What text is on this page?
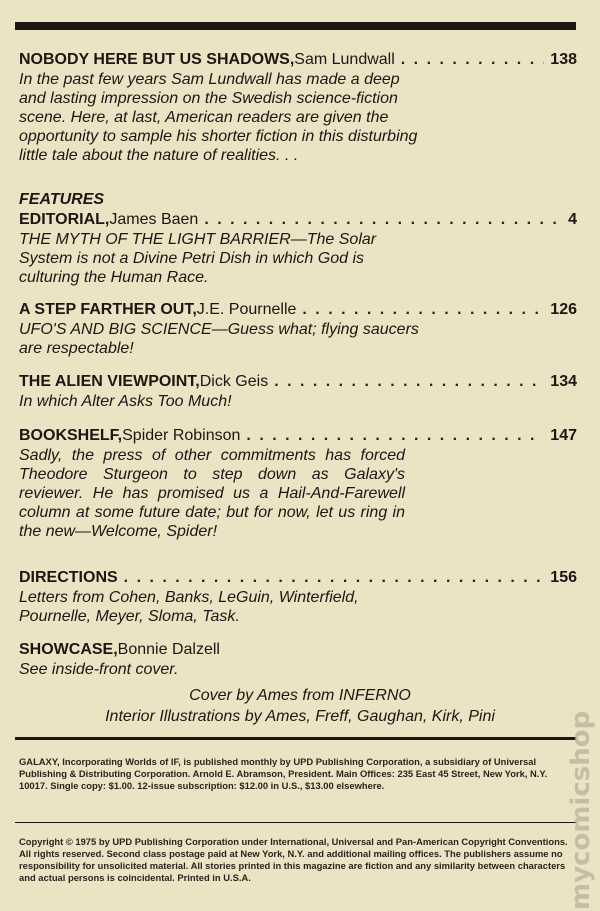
NOBODY HERE BUT US SHADOWS, Sam Lundwall . . .	138
In the past few years Sam Lundwall has made a deep and lasting impression on the Swedish science-fiction scene. Here, at last, American readers are given the opportunity to sample his shorter fiction in this disturbing little tale about the nature of realities. . .
FEATURES
EDITORIAL, James Baen . . .	4
THE MYTH OF THE LIGHT BARRIER—The Solar System is not a Divine Petri Dish in which God is culturing the Human Race.
A STEP FARTHER OUT, J.E. Pournelle . . .	126
UFO'S AND BIG SCIENCE—Guess what; flying saucers are respectable!
THE ALIEN VIEWPOINT, Dick Geis . . .	134
In which Alter Asks Too Much!
BOOKSHELF, Spider Robinson . . .	147
Sadly, the press of other commitments has forced Theodore Sturgeon to step down as Galaxy's reviewer. He has promised us a Hail-And-Farewell column at some future date; but for now, let us ring in the new—Welcome, Spider!
DIRECTIONS . . .	156
Letters from Cohen, Banks, LeGuin, Winterfield, Pournelle, Meyer, Sloma, Task.
SHOWCASE, Bonnie Dalzell
See inside-front cover.
Cover by Ames from INFERNO
Interior Illustrations by Ames, Freff, Gaughan, Kirk, Pini
GALAXY, Incorporating Worlds of IF, is published monthly by UPD Publishing Corporation, a subsidiary of Universal Publishing & Distributing Corporation. Arnold E. Abramson, President. Main Offices: 235 East 45 Street, New York, N.Y. 10017. Single copy: $1.00. 12-issue subscription: $12.00 in U.S., $13.00 elsewhere.
Copyright © 1975 by UPD Publishing Corporation under International, Universal and Pan-American Copyright Conventions. All rights reserved. Second class postage paid at New York, N.Y. and additional mailing offices. The publishers assume no responsibility for unsolicited material. All stories printed in this magazine are fiction and any similarity between characters and actual persons is coincidental. Printed in U.S.A.	mycomicshop
